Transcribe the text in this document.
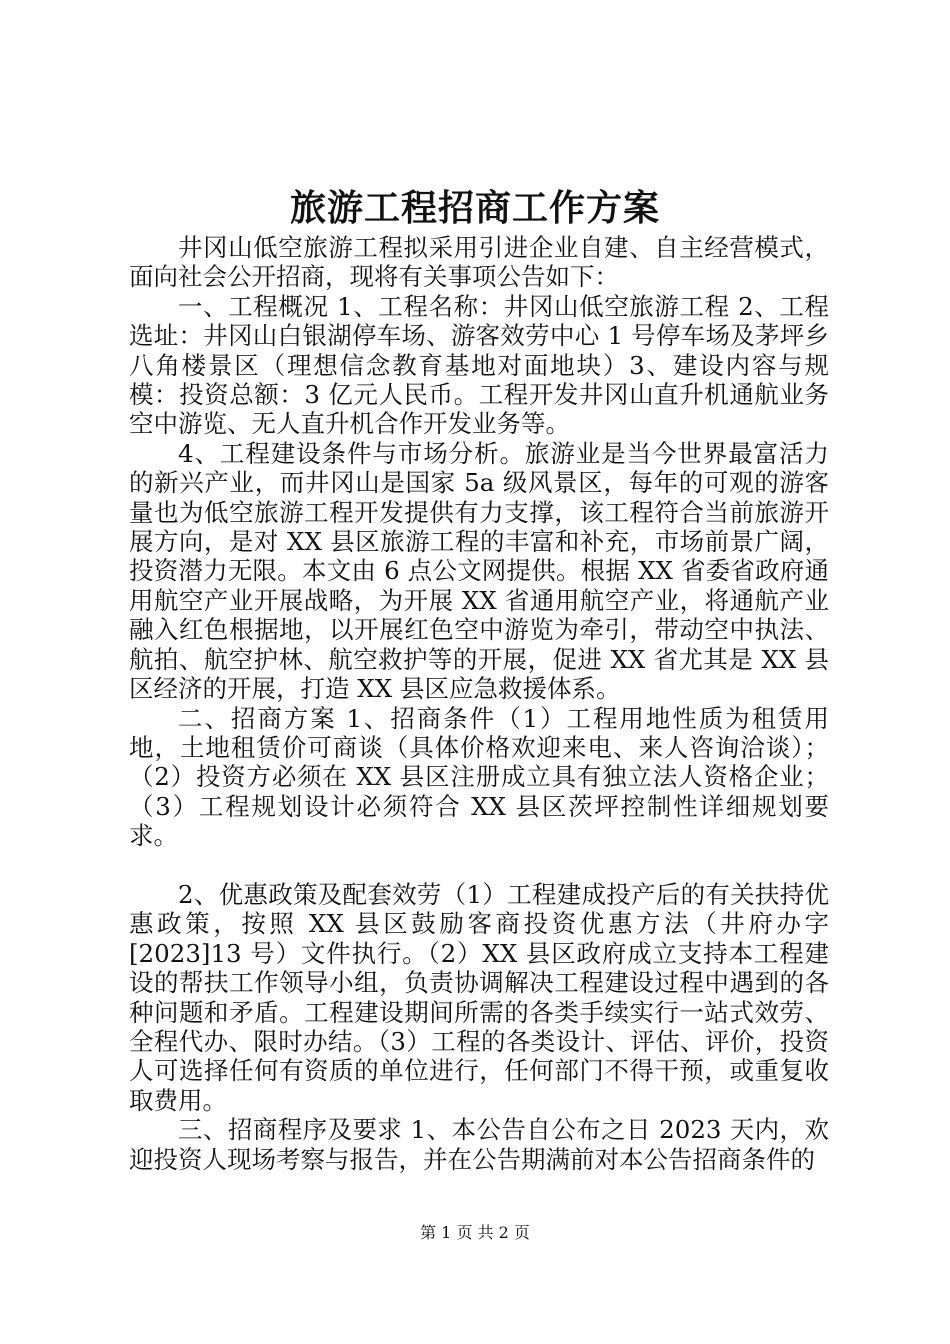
旅游工程招商工作方案

井冈山低空旅游工程拟采用引进企业自建、自主经营模式，面向社会公开招商，现将有关事项公告如下：

一、工程概况 1、工程名称：井冈山低空旅游工程 2、工程选址：井冈山白银湖停车场、游客效劳中心 1 号停车场及茅坪乡八角楼景区（理想信念教育基地对面地块）3、建设内容与规模：投资总额：3 亿元人民币。工程开发井冈山直升机通航业务空中游览、无人直升机合作开发业务等。

4、工程建设条件与市场分析。旅游业是当今世界最富活力的新兴产业，而井冈山是国家 5a 级风景区，每年的可观的游客量也为低空旅游工程开发提供有力支撑，该工程符合当前旅游开展方向，是对 XX 县区旅游工程的丰富和补充，市场前景广阔，投资潜力无限。本文由 6 点公文网提供。根据 XX 省委省政府通用航空产业开展战略，为开展 XX 省通用航空产业，将通航产业融入红色根据地，以开展红色空中游览为牵引，带动空中执法、航拍、航空护林、航空救护等的开展，促进 XX 省尤其是 XX 县区经济的开展，打造 XX 县区应急救援体系。

二、招商方案 1、招商条件（1）工程用地性质为租赁用地，土地租赁价可商谈（具体价格欢迎来电、来人咨询洽谈）；（2）投资方必须在 XX 县区注册成立具有独立法人资格企业；（3）工程规划设计必须符合 XX 县区茨坪控制性详细规划要求。

2、优惠政策及配套效劳（1）工程建成投产后的有关扶持优惠政策，按照 XX 县区鼓励客商投资优惠方法（井府办字[2023]13 号）文件执行。（2）XX 县区政府成立支持本工程建设的帮扶工作领导小组，负责协调解决工程建设过程中遇到的各种问题和矛盾。工程建设期间所需的各类手续实行一站式效劳、全程代办、限时办结。（3）工程的各类设计、评估、评价，投资人可选择任何有资质的单位进行，任何部门不得干预，或重复收取费用。

三、招商程序及要求 1、本公告自公布之日 2023 天内，欢迎投资人现场考察与报告，并在公告期满前对本公告招商条件的

第 1 页 共 2 页
